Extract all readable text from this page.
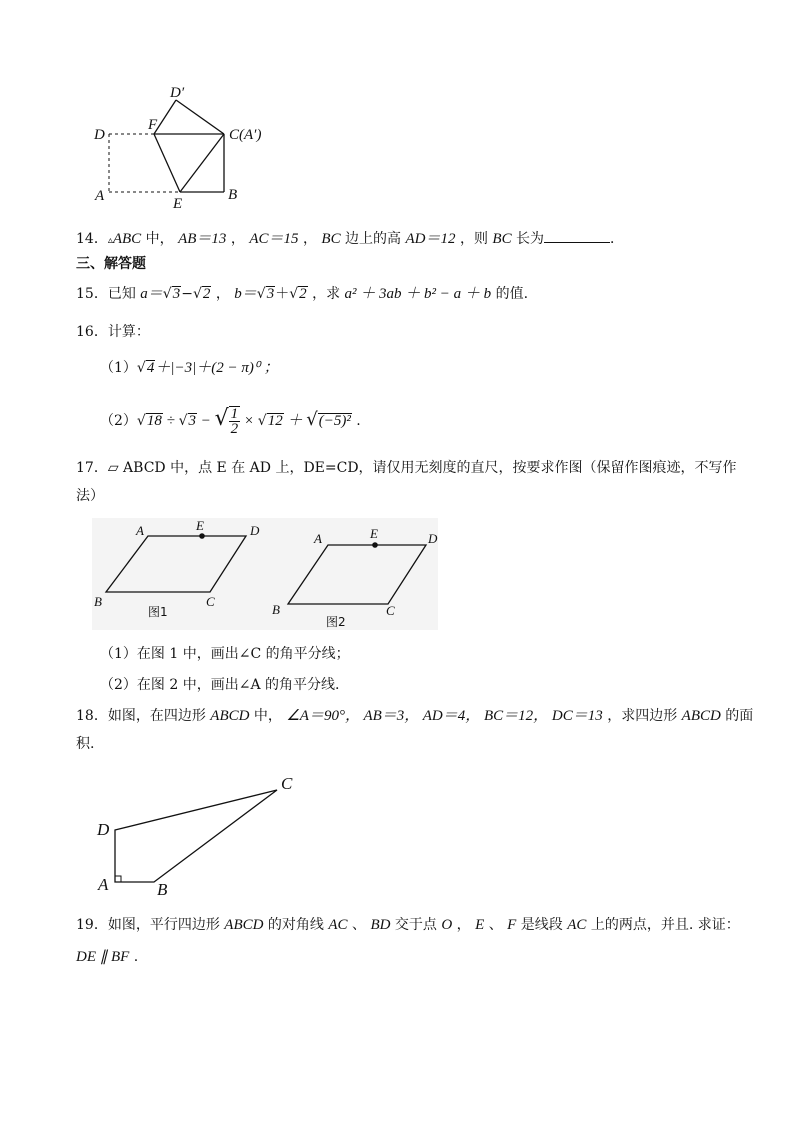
D′
D
F
C(A′)
A	E
B
14．▵ABC 中， AB＝13 ， AC＝15 ， BC 边上的高 AD＝12 ，则 BC 长为	．
三、解答题
15．已知 a＝√3−√2 ， b＝√3＋√2 ，求 a² ＋ 3ab ＋ b² − a ＋ b 的值.
16．计算：
（1）√4＋|−3|＋(2 − π)⁰ ；
（2）√18 ÷ √3 − √ $\frac{1}{2} \times √12 + √(-5)^2$ .
17．▱ ABCD 中，点 E 在 AD 上，DE=CD，请仅用无刻度的直尺，按要求作图（保留作图痕迹，不写作
法）
A	E	D
B	C
图1
A	E	D
B	C
图2
（1）在图 1 中，画出∠C 的角平分线；
（2）在图 2 中，画出∠A 的角平分线.
18．如图，在四边形 ABCD 中， ∠A＝90°， AB＝3， AD＝4， BC＝12， DC＝13 ，求四边形 ABCD 的面
积.
C
D
A	B
19．如图，平行四边形 ABCD 的对角线 AC 、 BD 交于点 O ， E 、 F 是线段 AC 上的两点，并且. 求证：
DE ∥ BF .
